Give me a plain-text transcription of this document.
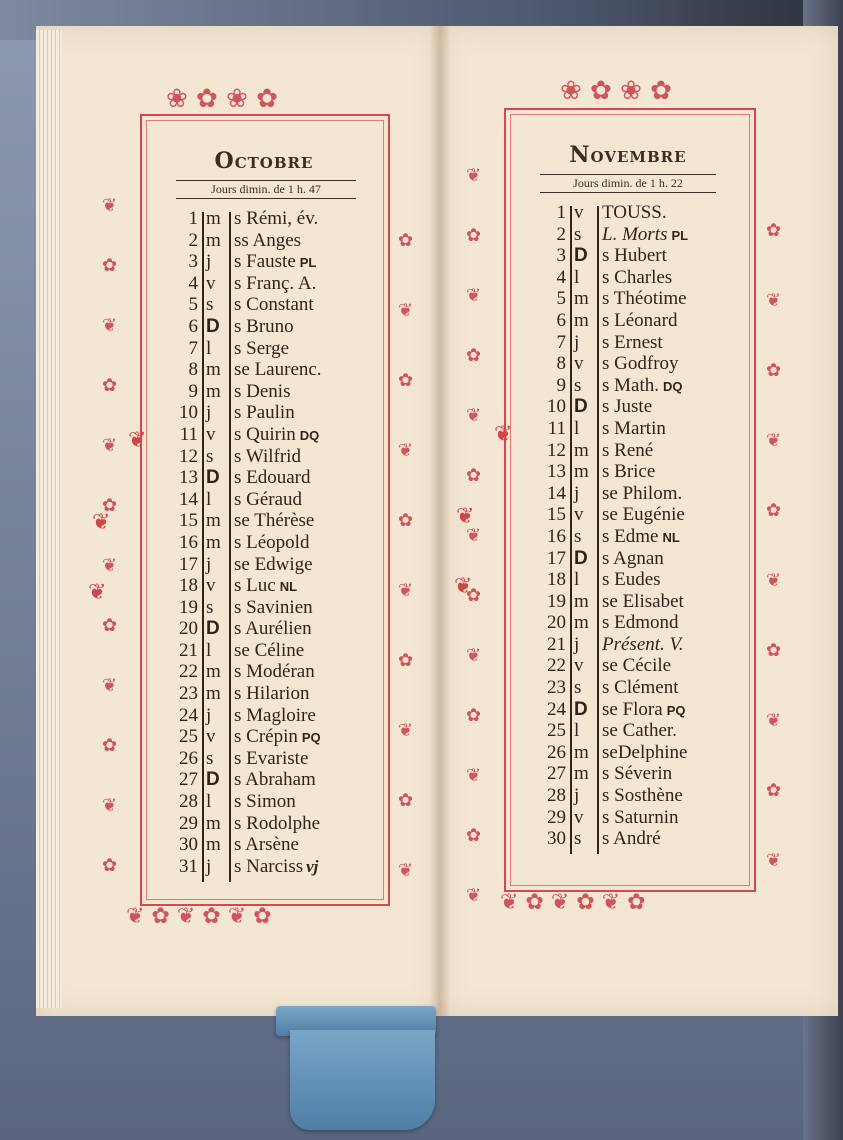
❀ ✿ ❀ ✿
❦
✿
❦
✿
❦
✿
❦
✿
❦
✿
❦
✿
✿
❦
✿
❦
✿
❦
✿
❦
✿
❦
❦ ✿ ❦ ✿ ❦ ✿
❦
❦
❦
Octobre
Jours dimin. de 1 h. 47
1 m s Rémi, év.
2 m ss Anges
3 j s Fauste PL
4 v s Franç. A.
5 s s Constant
6 D s Bruno
7 l s Serge
8 m se Laurenc.
9 m s Denis
10 j s Paulin
11 v s Quirin DQ
12 s s Wilfrid
13 D s Edouard
14 l s Géraud
15 m se Thérèse
16 m s Léopold
17 j se Edwige
18 v s Luc NL
19 s s Savinien
20 D s Aurélien
21 l se Céline
22 m s Modéran
23 m s Hilarion
24 j s Magloire
25 v s Crépin PQ
26 s s Evariste
27 D s Abraham
28 l s Simon
29 m s Rodolphe
30 m s Arsène
31 j s Narciss vj
❀ ✿ ❀ ✿
❦
✿
❦
✿
❦
✿
❦
✿
❦
✿
❦
✿
❦
✿
❦
✿
❦
✿
❦
✿
❦
✿
❦
❦ ✿ ❦ ✿ ❦ ✿
❦
❦
❦
Novembre
Jours dimin. de 1 h. 22
1 v TOUSS.
2 s L. Morts PL
3 D s Hubert
4 l s Charles
5 m s Théotime
6 m s Léonard
7 j s Ernest
8 v s Godfroy
9 s s Math. DQ
10 D s Juste
11 l s Martin
12 m s René
13 m s Brice
14 j se Philom.
15 v se Eugénie
16 s s Edme NL
17 D s Agnan
18 l s Eudes
19 m se Elisabet
20 m s Edmond
21 j Présent. V.
22 v se Cécile
23 s s Clément
24 D se Flora PQ
25 l se Cather.
26 m seDelphine
27 m s Séverin
28 j s Sosthène
29 v s Saturnin
30 s s André
